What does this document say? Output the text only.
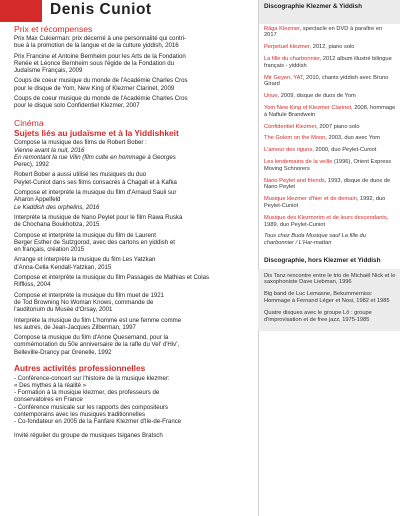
Denis Cuniot
Prix et récompenses
Prix Max Cukierman: prix décerné à une personnalité qui contri-
bue à la promotion de la langue et de la culture yiddish, 2016
Prix Francine et Antoine Bernheim pour les Arts de la Fondation
Renée et Léonce Bernheim sous l'égide de la Fondation du
Judaïsme Français, 2009
Coups de coeur musique du monde de l'Académie Charles Cros
pour le disque de Yom, New King of Klezmer Clarinet, 2009
Coups de coeur musique du monde de l'Académie Charles Cros
pour le disque solo Confidentiel Klezmer, 2007
Cinéma
Sujets liés au judaïsme et à la Yiddishkeit
Compose la musique des films de Robert Bober :
Vienne avant la nuit, 2016
En remontant la rue Vilin (film culte en hommage à Georges
Perec), 1992
Robert Bober a aussi utilisé les musiques du duo
Peylet-Cuniot dans ses films consacrés à Chagall et à Kafka
Compose et interprète la musique du film d'Arnaud Sauli sur
Aharon Appelfeld
Le Kaddish des orphelins, 2016
Interprète la musique de Nano Peylet pour le film Rawa Ruska
de Chochana Boukhobza, 2015
Compose et interprète la musique du film de Laurent
Berger Esther de Sutzgorod, avec des cartons en yiddish et
en français, création 2015
Arrange et interprète la musique du film Les Yatzkan
d'Anna-Cella Kendall-Yatzkan, 2015
Compose et interprète la musique du film Passages de Mathias et Colas
Riffkiss, 2004
Compose et interprète la musique du film muet de 1921
de Tod Browning No Woman Knows, commande de
l'auditorium du Musée d'Orsay, 2001
Interprète la musique du film L'homme est une femme comme
les autres, de Jean-Jacques Zilberman, 1997
Compose la musique du film d'Anne Quesemand, pour la
commémoration du 50e anniversaire de la rafle du Vel' d'Hiv',
Belleville-Drancy par Grenelle, 1992
Autres activités professionnelles
- Conférence-concert sur l'histoire de la musique klezmer:
« Des mythes à la réalité »
- Formation à la musique klezmer, des professeurs de
conservatoires en France
- Conférence musicale sur les rapports des compositeurs
contemporains avec les musiques traditionnelles
- Co-fondateur en 2005 de la Fanfare Klezmer d'Ile-de-France
Invité régulier du groupe de musiques tsiganes Bratsch
Discographie Klezmer & Yiddish
Rāga Klezmer, spectacle en DVD à paraître en 2017
Perpetuel klezmer, 2012, piano solo
La fille du charbonnier, 2012 album illustré bilingue français - yiddish
Mir Geyen, YAT, 2010, chants yiddish avec Bruno Girard
Unue, 2009, disque de duos de Yom
Yom New King of Klezmer Clarinet, 2008, hommage à Naftule Brandwein
Confidentiel Klezmer, 2007 piano solo
The Golem on the Moon, 2003, duo avec Yom
L'amour des riguns, 2000, duo Peylet-Cuniot
Les lendemains de la veille (1996), Orient Express Moving Schnorers
Nano Peylet and friends, 1993, disque de duos de Nano Peylet
Musique klezmer d'hier et de demain, 1992, duo Peylet-Cuniot
Musique des Klezmorim et de leurs descendants, 1989, duo Peylet-Cuniot
Tous chez Buda Musique sauf La fille du charbonnier / L'Har-mattan
Discographie, hors Klezmer et Yiddish
Dis Tanz rencontre entre le trio de Michaël Nick et le saxophoniste Dave Liebman, 1996
Big band de Luc Lemasne, Bekummerniss: Hommage à Fernand Léger et Nosi, 1982 et 1985
Quatre disques avec le groupe Lô : groupe d'improvisation et de free jazz, 1975-1985
